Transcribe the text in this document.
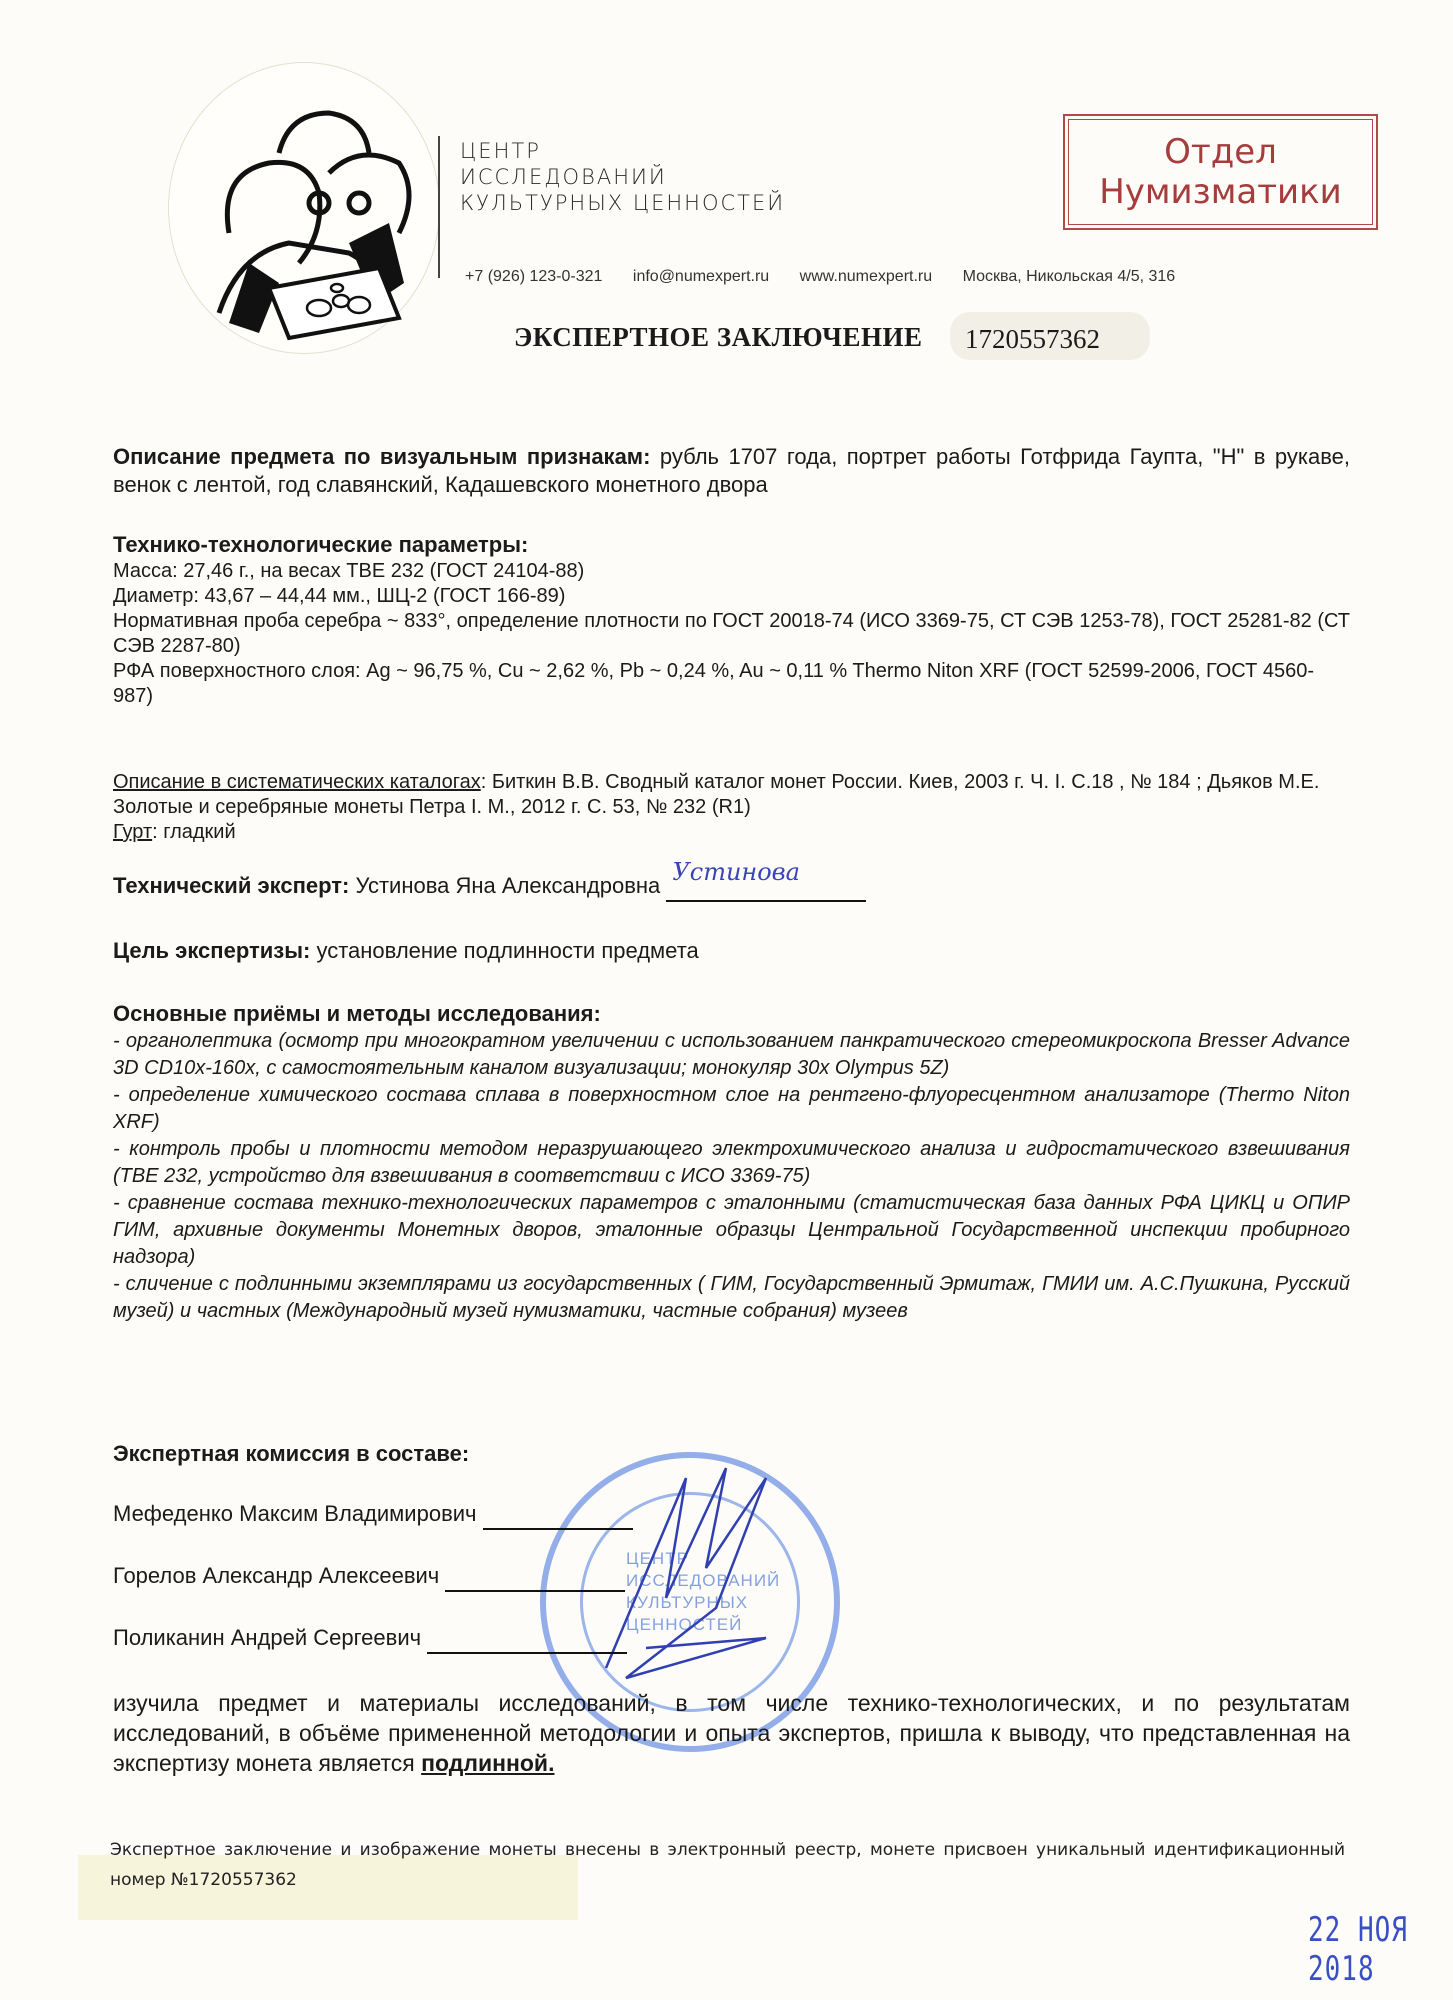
ЦЕНТР
ИССЛЕДОВАНИЙ
КУЛЬТУРНЫХ ЦЕННОСТЕЙ
+7 (926) 123-0-321 info@numexpert.ru www.numexpert.ru Москва, Никольская 4/5, 316
Отдел
Нумизматики
ЭКСПЕРТНОЕ ЗАКЛЮЧЕНИЕ 1720557362
Описание предмета по визуальным признакам: рубль 1707 года, портрет работы Готфрида Гаупта, "Н" в рукаве, венок с лентой, год славянский, Кадашевского монетного двора
Технико-технологические параметры:
Масса: 27,46 г., на весах ТВЕ 232 (ГОСТ 24104-88)
Диаметр: 43,67 – 44,44 мм., ШЦ-2 (ГОСТ 166-89)
Нормативная проба серебра ~ 833°, определение плотности по ГОСТ 20018-74 (ИСО 3369-75, СТ СЭВ 1253-78), ГОСТ 25281-82 (СТ СЭВ 2287-80)
РФА поверхностного слоя: Ag ~ 96,75 %, Cu ~ 2,62 %, Pb ~ 0,24 %, Au ~ 0,11 % Thermo Niton XRF (ГОСТ 52599-2006, ГОСТ 4560-987)
Описание в систематических каталогах: Биткин В.В. Сводный каталог монет России. Киев, 2003 г. Ч. I. С.18 , № 184 ; Дьяков М.Е. Золотые и серебряные монеты Петра I. М., 2012 г. С. 53, № 232 (R1)
Гурт: гладкий
Технический эксперт: Устинова Яна Александровна Устинова

Цель экспертизы: установление подлинности предмета
Основные приёмы и методы исследования:
- органолептика (осмотр при многократном увеличении с использованием панкратического стереомикроскопа Bresser Advance 3D CD10x-160x, с самостоятельным каналом визуализации; монокуляр 30x Olympus 5Z)
- определение химического состава сплава в поверхностном слое на рентгено-флуоресцентном анализаторе (Thermo Niton XRF)
- контроль пробы и плотности методом неразрушающего электрохимического анализа и гидростатического взвешивания (ТВЕ 232, устройство для взвешивания в соответствии с ИСО 3369-75)
- сравнение состава технико-технологических параметров с эталонными (статистическая база данных РФА ЦИКЦ и ОПИР ГИМ, архивные документы Монетных дворов, эталонные образцы Центральной Государственной инспекции пробирного надзора)
- сличение с подлинными экземплярами из государственных ( ГИМ, Государственный Эрмитаж, ГМИИ им. А.С.Пушкина, Русский музей) и частных (Международный музей нумизматики, частные собрания) музеев
ЦЕНТР
ИССЛЕДОВАНИЙ
КУЛЬТУРНЫХ
ЦЕННОСТЕЙ
Экспертная комиссия в составе:
Мефеденко Максим Владимирович
Горелов Александр Алексеевич
Поликанин Андрей Сергеевич
изучила предмет и материалы исследований, в том числе технико-технологических, и по результатам исследований, в объёме примененной методологии и опыта экспертов, пришла к выводу, что представленная на экспертизу монета является подлинной.
Экспертное заключение и изображение монеты внесены в электронный реестр, монете присвоен уникальный идентификационный номер №1720557362
22 НОЯ 2018
